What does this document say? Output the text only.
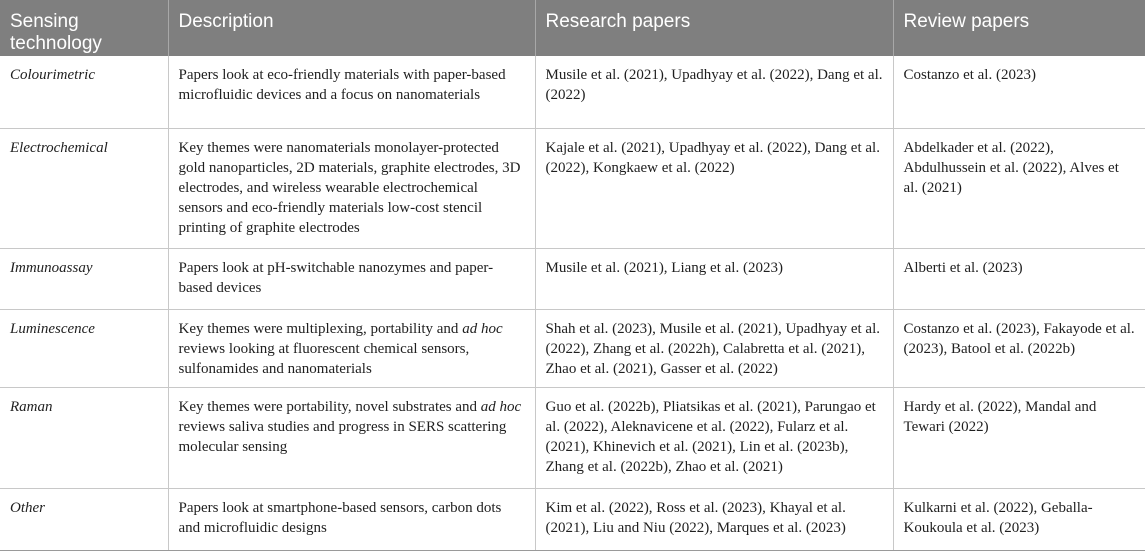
Sensing technology	Description	Research papers	Review papers
Colourimetric	Papers look at eco-friendly materials with paper-based microfluidic devices and a focus on nanomaterials	Musile et al. (2021), Upadhyay et al. (2022), Dang et al. (2022)	Costanzo et al. (2023)
Electrochemical	Key themes were nanomaterials monolayer-protected gold nanoparticles, 2D materials, graphite electrodes, 3D electrodes, and wireless wearable electrochemical sensors and eco-friendly materials low-cost stencil printing of graphite electrodes	Kajale et al. (2021), Upadhyay et al. (2022), Dang et al. (2022), Kongkaew et al. (2022)	Abdelkader et al. (2022), Abdulhussein et al. (2022), Alves et al. (2021)
Immunoassay	Papers look at pH-switchable nanozymes and paper-based devices	Musile et al. (2021), Liang et al. (2023)	Alberti et al. (2023)
Luminescence	Key themes were multiplexing, portability and ad hoc reviews looking at fluorescent chemical sensors, sulfonamides and nanomaterials	Shah et al. (2023), Musile et al. (2021), Upadhyay et al. (2022), Zhang et al. (2022h), Calabretta et al. (2021), Zhao et al. (2021), Gasser et al. (2022)	Costanzo et al. (2023), Fakayode et al. (2023), Batool et al. (2022b)
Raman	Key themes were portability, novel substrates and ad hoc reviews saliva studies and progress in SERS scattering molecular sensing	Guo et al. (2022b), Pliatsikas et al. (2021), Parungao et al. (2022), Aleknavicene et al. (2022), Fularz et al. (2021), Khinevich et al. (2021), Lin et al. (2023b), Zhang et al. (2022b), Zhao et al. (2021)	Hardy et al. (2022), Mandal and Tewari (2022)
Other	Papers look at smartphone-based sensors, carbon dots and microfluidic designs	Kim et al. (2022), Ross et al. (2023), Khayal et al. (2021), Liu and Niu (2022), Marques et al. (2023)	Kulkarni et al. (2022), Geballa-Koukoula et al. (2023)
